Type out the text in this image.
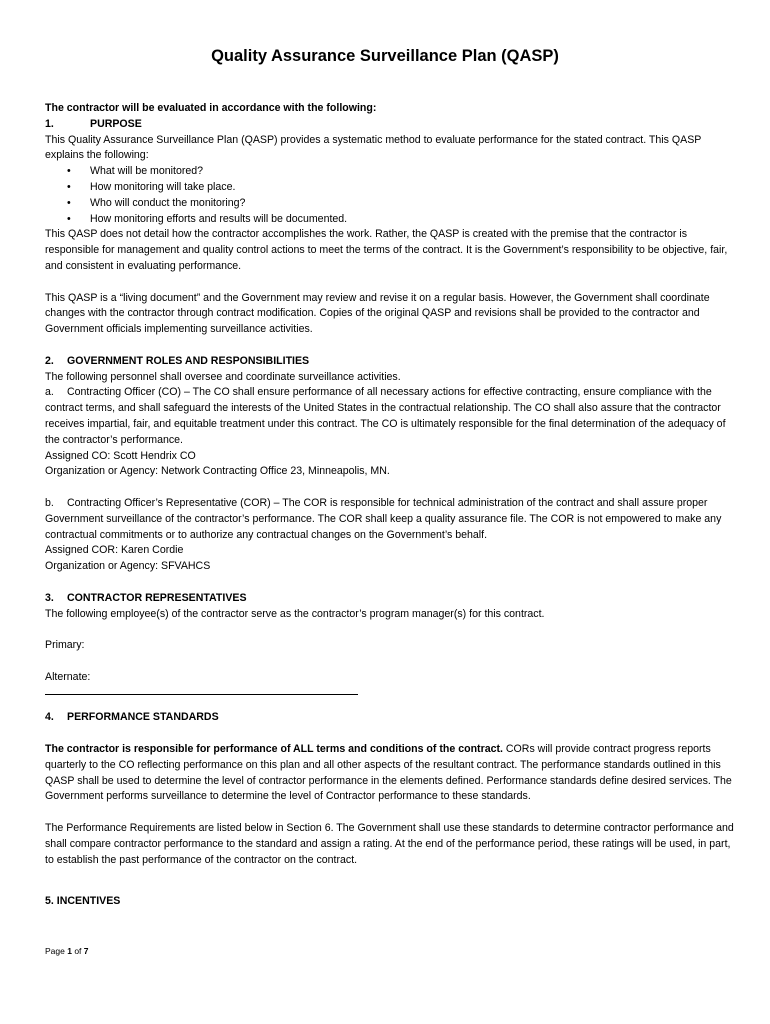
Quality Assurance Surveillance Plan (QASP)

The contractor will be evaluated in accordance with the following:

1.	PURPOSE

This Quality Assurance Surveillance Plan (QASP) provides a systematic method to evaluate performance for the stated contract. This QASP explains the following:

•	What will be monitored?
•	How monitoring will take place.
•	Who will conduct the monitoring?
•	How monitoring efforts and results will be documented.

This QASP does not detail how the contractor accomplishes the work. Rather, the QASP is created with the premise that the contractor is responsible for management and quality control actions to meet the terms of the contract. It is the Government’s responsibility to be objective, fair, and consistent in evaluating performance.

This QASP is a “living document” and the Government may review and revise it on a regular basis. However, the Government shall coordinate changes with the contractor through contract modification. Copies of the original QASP and revisions shall be provided to the contractor and Government officials implementing surveillance activities.

2.	GOVERNMENT ROLES AND RESPONSIBILITIES

The following personnel shall oversee and coordinate surveillance activities.

a. Contracting Officer (CO) – The CO shall ensure performance of all necessary actions for effective contracting, ensure compliance with the contract terms, and shall safeguard the interests of the United States in the contractual relationship. The CO shall also assure that the contractor receives impartial, fair, and equitable treatment under this contract. The CO is ultimately responsible for the final determination of the adequacy of the contractor’s performance.

Assigned CO: Scott Hendrix CO

Organization or Agency: Network Contracting Office 23, Minneapolis, MN.

b. Contracting Officer’s Representative (COR) – The COR is responsible for technical administration of the contract and shall assure proper Government surveillance of the contractor’s performance. The COR shall keep a quality assurance file. The COR is not empowered to make any contractual commitments or to authorize any contractual changes on the Government’s behalf.

Assigned COR: Karen Cordie

Organization or Agency: SFVAHCS

3.	CONTRACTOR REPRESENTATIVES

The following employee(s) of the contractor serve as the contractor’s program manager(s) for this contract.

Primary:

Alternate:

4.	PERFORMANCE STANDARDS

The contractor is responsible for performance of ALL terms and conditions of the contract. CORs will provide contract progress reports quarterly to the CO reflecting performance on this plan and all other aspects of the resultant contract. The performance standards outlined in this QASP shall be used to determine the level of contractor performance in the elements defined. Performance standards define desired services. The Government performs surveillance to determine the level of Contractor performance to these standards.

The Performance Requirements are listed below in Section 6. The Government shall use these standards to determine contractor performance and shall compare contractor performance to the standard and assign a rating. At the end of the performance period, these ratings will be used, in part, to establish the past performance of the contractor on the contract.

5. INCENTIVES

Page 1 of 7
